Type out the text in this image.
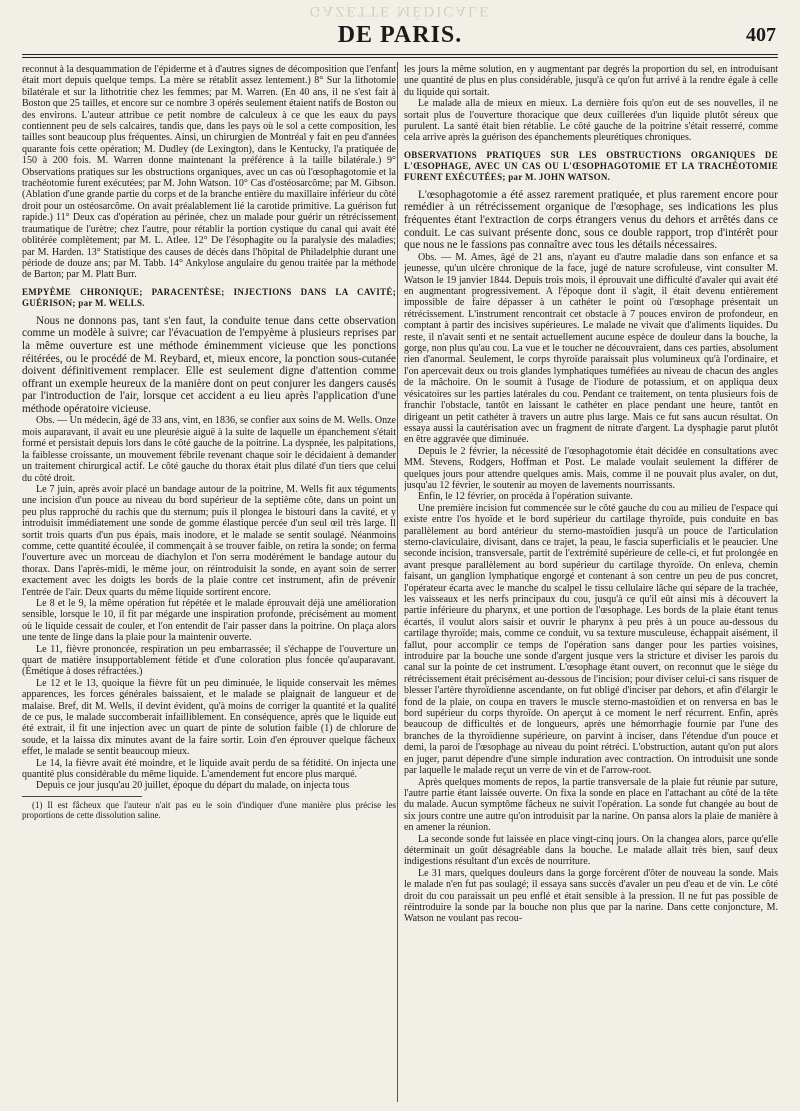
GAZETTE MÉDICALE
DE PARIS.	407

reconnut à la desquammation de l'épiderme et à d'autres signes de décomposition que l'enfant était mort depuis quelque temps. La mère se rétablit assez lentement.) 8° Sur la lithotomie bilatérale et sur la lithotritie chez les femmes; par M. Warren. (En 40 ans, il ne s'est fait à Boston que 25 tailles, et encore sur ce nombre 3 opérés seulement étaient natifs de Boston ou des environs. L'auteur attribue ce petit nombre de calculeux à ce que les eaux du pays contiennent peu de sels calcaires, tandis que, dans les pays où le sol a cette composition, les tailles sont beaucoup plus fréquentes. Ainsi, un chirurgien de Montréal y fait en peu d'années quarante fois cette opération; M. Dudley (de Lexington), dans le Kentucky, l'a pratiquée de 150 à 200 fois. M. Warren donne maintenant la préférence à la taille bilatérale.) 9° Observations pratiques sur les obstructions organiques, avec un cas où l'œsophagotomie et la trachéotomie furent exécutées; par M. John Watson. 10° Cas d'ostéosarcôme; par M. Gibson. (Ablation d'une grande partie du corps et de la branche entière du maxillaire inférieur du côté droit pour un ostéosarcôme. On avait préalablement lié la carotide primitive. La guérison fut rapide.) 11° Deux cas d'opération au périnée, chez un malade pour guérir un rétrécissement traumatique de l'urètre; chez l'autre, pour rétablir la portion cystique du canal qui avait été oblitérée complètement; par M. L. Atlee. 12° De l'ésophagite ou la paralysie des maladies; par M. Harden. 13° Statistique des causes de décès dans l'hôpital de Philadelphie durant une période de douze ans; par M. Tabb. 14° Ankylose angulaire du genou traitée par la méthode de Barton; par M. Platt Burr.

EMPYÈME CHRONIQUE; PARACENTÈSE; INJECTIONS DANS LA CAVITÉ; GUÉRISON; par M. WELLS.

Nous ne donnons pas, tant s'en faut, la conduite tenue dans cette observation comme un modèle à suivre; car l'évacuation de l'empyème à plusieurs reprises par la même ouverture est une méthode éminemment vicieuse que les ponctions réitérées, ou le procédé de M. Reybard, et, mieux encore, la ponction sous-cutanée doivent définitivement remplacer. Elle est seulement digne d'attention comme offrant un exemple heureux de la manière dont on peut conjurer les dangers causés par l'introduction de l'air, lorsque cet accident a eu lieu après l'application d'une méthode opératoire vicieuse.

Obs. — Un médecin, âgé de 33 ans, vint, en 1836, se confier aux soins de M. Wells. Onze mois auparavant, il avait eu une pleurésie aiguë à la suite de laquelle un épanchement s'était formé et persistait depuis lors dans le côté gauche de la poitrine. La dyspnée, les palpitations, la faiblesse croissante, un mouvement fébrile revenant chaque soir le décidaient à demander un traitement chirurgical actif. Le côté gauche du thorax était plus dilaté d'un tiers que celui du côté droit.

Le 7 juin, après avoir placé un bandage autour de la poitrine, M. Wells fit aux téguments une incision d'un pouce au niveau du bord supérieur de la septième côte, dans un point un peu plus rapproché du rachis que du sternum; puis il plongea le bistouri dans la cavité, et y introduisit immédiatement une sonde de gomme élastique percée d'un seul œil très large. Il sortit trois quarts d'un pus épais, mais inodore, et le malade se sentit soulagé. Néanmoins comme, cette quantité écoulée, il commençait à se trouver faible, on retira la sonde; on ferma l'ouverture avec un morceau de diachylon et l'on serra modérément le bandage autour du thorax. Dans l'après-midi, le même jour, on réintroduisit la sonde, en ayant soin de serrer exactement avec les doigts les bords de la plaie contre cet instrument, afin de prévenir l'entrée de l'air. Deux quarts du même liquide sortirent encore.

Le 8 et le 9, la même opération fut répétée et le malade éprouvait déjà une amélioration sensible, lorsque le 10, il fit par mégarde une inspiration profonde, précisément au moment où le liquide cessait de couler, et l'on entendit de l'air passer dans la poitrine. On plaça alors une tente de linge dans la plaie pour la maintenir ouverte.

Le 11, fièvre prononcée, respiration un peu embarrassée; il s'échappe de l'ouverture un quart de matière insupportablement fétide et d'une coloration plus foncée qu'auparavant. (Émétique à doses réfractées.)

Le 12 et le 13, quoique la fièvre fût un peu diminuée, le liquide conservait les mêmes apparences, les forces générales baissaient, et le malade se plaignait de langueur et de malaise. Bref, dit M. Wells, il devint évident, qu'à moins de corriger la quantité et la qualité de ce pus, le malade succomberait infailliblement. En conséquence, après que le liquide eut été extrait, il fit une injection avec un quart de pinte de solution faible (1) de chlorure de soude, et la laissa dix minutes avant de la faire sortir. Loin d'en éprouver quelque fâcheux effet, le malade se sentit beaucoup mieux.

Le 14, la fièvre avait été moindre, et le liquide avait perdu de sa fétidité. On injecta une quantité plus considérable du même liquide. L'amendement fut encore plus marqué.

Depuis ce jour jusqu'au 20 juillet, époque du départ du malade, on injecta tous

(1) Il est fâcheux que l'auteur n'ait pas eu le soin d'indiquer d'une manière plus précise les proportions de cette dissolution saline.

les jours la même solution, en y augmentant par degrés la proportion du sel, en introduisant une quantité de plus en plus considérable, jusqu'à ce qu'on fut arrivé à la rendre égale à celle du liquide qui sortait.

Le malade alla de mieux en mieux. La dernière fois qu'on eut de ses nouvelles, il ne sortait plus de l'ouverture thoracique que deux cuillerées d'un liquide plutôt séreux que purulent. La santé était bien rétablie. Le côté gauche de la poitrine s'était resserré, comme cela arrive après la guérison des épanchements pleurétiques chroniques.

OBSERVATIONS PRATIQUES SUR LES OBSTRUCTIONS ORGANIQUES DE L'ŒSOPHAGE, AVEC UN CAS OU L'ŒSOPHAGOTOMIE ET LA TRACHÉOTOMIE FURENT EXÉCUTÉES; par M. JOHN WATSON.

L'œsophagotomie a été assez rarement pratiquée, et plus rarement encore pour remédier à un rétrécissement organique de l'œsophage, ses indications les plus fréquentes étant l'extraction de corps étrangers venus du dehors et arrêtés dans ce conduit. Le cas suivant présente donc, sous ce double rapport, trop d'intérêt pour que nous ne le fassions pas connaître avec tous les détails nécessaires.

Obs. — M. Ames, âgé de 21 ans, n'ayant eu d'autre maladie dans son enfance et sa jeunesse, qu'un ulcère chronique de la face, jugé de nature scrofuleuse, vint consulter M. Watson le 19 janvier 1844. Depuis trois mois, il éprouvait une difficulté d'avaler qui avait été en augmentant progressivement. A l'époque dont il s'agit, il était devenu entièrement impossible de faire dépasser à un cathéter le point où l'œsophage présentait un rétrécissement. L'instrument rencontrait cet obstacle à 7 pouces environ de profondeur, en comptant à partir des incisives supérieures. Le malade ne vivait que d'aliments liquides. Du reste, il n'avait senti et ne sentait actuellement aucune espèce de douleur dans la bouche, la gorge, non plus qu'au cou. La vue et le toucher ne découvraient, dans ces parties, absolument rien d'anormal. Seulement, le corps thyroïde paraissait plus volumineux qu'à l'ordinaire, et l'on apercevait deux ou trois glandes lymphatiques tuméfiées au niveau de chacun des angles de la mâchoire. On le soumit à l'usage de l'iodure de potassium, et on appliqua deux vésicatoires sur les parties latérales du cou. Pendant ce traitement, on tenta plusieurs fois de franchir l'obstacle, tantôt en laissant le cathéter en place pendant une heure, tantôt en dirigeant un petit cathéter à travers un autre plus large. Mais ce fut sans aucun résultat. On essaya aussi la cautérisation avec un fragment de nitrate d'argent. La dysphagie parut plutôt en être aggravée que diminuée.

Depuis le 2 février, la nécessité de l'œsophagotomie était décidée en consultations avec MM. Stevens, Rodgers, Hoffman et Post. Le malade voulait seulement la différer de quelques jours pour attendre quelques amis. Mais, comme il ne pouvait plus avaler, on dut, jusqu'au 12 février, le soutenir au moyen de lavements nourrissants.

Enfin, le 12 février, on procéda à l'opération suivante.

Une première incision fut commencée sur le côté gauche du cou au milieu de l'espace qui existe entre l'os hyoïde et le bord supérieur du cartilage thyroïde, puis conduite en bas parallèlement au bord antérieur du sterno-mastoïdien jusqu'à un pouce de l'articulation sterno-claviculaire, divisant, dans ce trajet, la peau, le fascia superficialis et le peaucier. Une seconde incision, transversale, partit de l'extrémité supérieure de celle-ci, et fut prolongée en avant presque parallèlement au bord supérieur du cartilage thyroïde. On enleva, chemin faisant, un ganglion lymphatique engorgé et contenant à son centre un peu de pus concret, l'opérateur écarta avec le manche du scalpel le tissu cellulaire lâche qui sépare de la trachée, les vaisseaux et les nerfs principaux du cou, jusqu'à ce qu'il eût ainsi mis à découvert la partie inférieure du pharynx, et une portion de l'œsophage. Les bords de la plaie étant tenus écartés, il voulut alors saisir et ouvrir le pharynx à peu près à un pouce au-dessous du cartilage thyroïde; mais, comme ce conduit, vu sa texture musculeuse, échappait aisément, il fallut, pour accomplir ce temps de l'opération sans danger pour les parties voisines, introduire par la bouche une sonde d'argent jusque vers la stricture et diviser les parois du canal sur la pointe de cet instrument. L'œsophage étant ouvert, on reconnut que le siège du rétrécissement était précisément au-dessous de l'incision; pour diviser celui-ci sans risquer de blesser l'artère thyroïdienne ascendante, on fut obligé d'inciser par dehors, et afin d'élargir le fond de la plaie, on coupa en travers le muscle sterno-mastoïdien et on renversa en bas le bord supérieur du corps thyroïde. On aperçut à ce moment le nerf récurrent. Enfin, après beaucoup de difficultés et de longueurs, après une hémorrhagie fournie par l'une des branches de la thyroïdienne supérieure, on parvint à inciser, dans l'étendue d'un pouce et demi, la paroi de l'œsophage au niveau du point rétréci. L'obstruction, autant qu'on put alors en juger, parut dépendre d'une simple induration avec contraction. On introduisit une sonde par laquelle le malade reçut un verre de vin et de l'arrow-root.

Après quelques moments de repos, la partie transversale de la plaie fut réunie par suture, l'autre partie étant laissée ouverte. On fixa la sonde en place en l'attachant au côté de la tête du malade. Aucun symptôme fâcheux ne suivit l'opération. La sonde fut changée au bout de six jours contre une autre qu'on introduisit par la narine. On pansa alors la plaie de manière à en amener la réunion.

La seconde sonde fut laissée en place vingt-cinq jours. On la changea alors, parce qu'elle déterminait un goût désagréable dans la bouche. Le malade allait très bien, sauf deux indigestions résultant d'un excès de nourriture.

Le 31 mars, quelques douleurs dans la gorge forcèrent d'ôter de nouveau la sonde. Mais le malade n'en fut pas soulagé; il essaya sans succès d'avaler un peu d'eau et de vin. Le côté droit du cou paraissait un peu enflé et était sensible à la pression. Il ne fut pas possible de réintroduire la sonde par la bouche non plus que par la narine. Dans cette conjoncture, M. Watson ne voulant pas recou-
